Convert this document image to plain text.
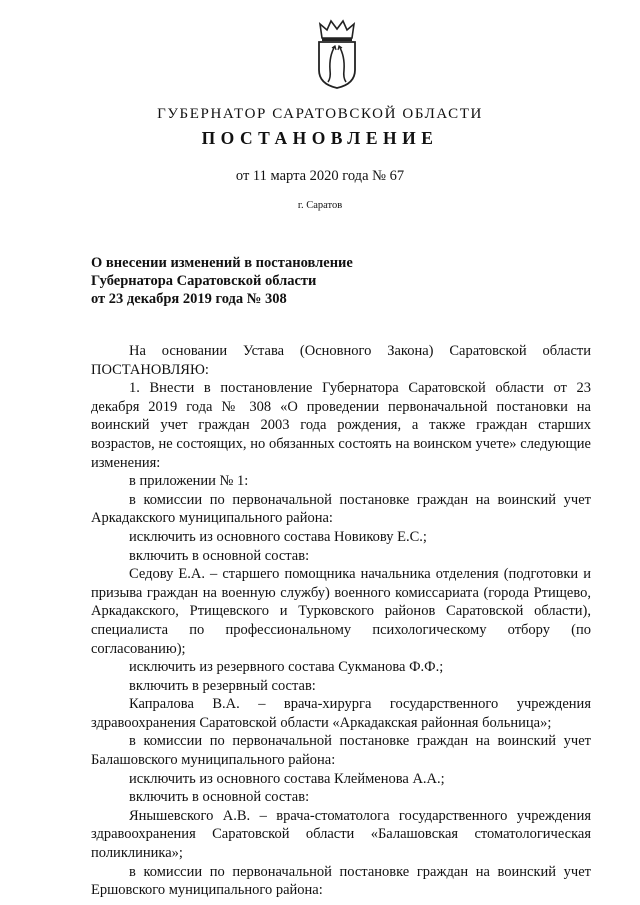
ГУБЕРНАТОР САРАТОВСКОЙ ОБЛАСТИ
ПОСТАНОВЛЕНИЕ
от 11 марта 2020 года № 67
г. Саратов
О внесении изменений в постановление
Губернатора Саратовской области
от 23 декабря 2019 года № 308
На основании Устава (Основного Закона) Саратовской области ПОСТАНОВЛЯЮ:
1. Внести в постановление Губернатора Саратовской области от 23 декабря 2019 года № 308 «О проведении первоначальной постановки на воинский учет граждан 2003 года рождения, а также граждан старших возрастов, не состоящих, но обязанных состоять на воинском учете» следующие изменения:
в приложении № 1:
в комиссии по первоначальной постановке граждан на воинский учет Аркадакского муниципального района:
исключить из основного состава Новикову Е.С.;
включить в основной состав:
Седову Е.А. – старшего помощника начальника отделения (подготовки и призыва граждан на военную службу) военного комиссариата (города Ртищево, Аркадакского, Ртищевского и Турковского районов Саратовской области), специалиста по профессиональному психологическому отбору (по согласованию);
исключить из резервного состава Сукманова Ф.Ф.;
включить в резервный состав:
Капралова В.А. – врача-хирурга государственного учреждения здравоохранения Саратовской области «Аркадакская районная больница»;
в комиссии по первоначальной постановке граждан на воинский учет Балашовского муниципального района:
исключить из основного состава Клейменова А.А.;
включить в основной состав:
Янышевского А.В. – врача-стоматолога государственного учреждения здравоохранения Саратовской области «Балашовская стоматологическая поликлиника»;
в комиссии по первоначальной постановке граждан на воинский учет Ершовского муниципального района:
